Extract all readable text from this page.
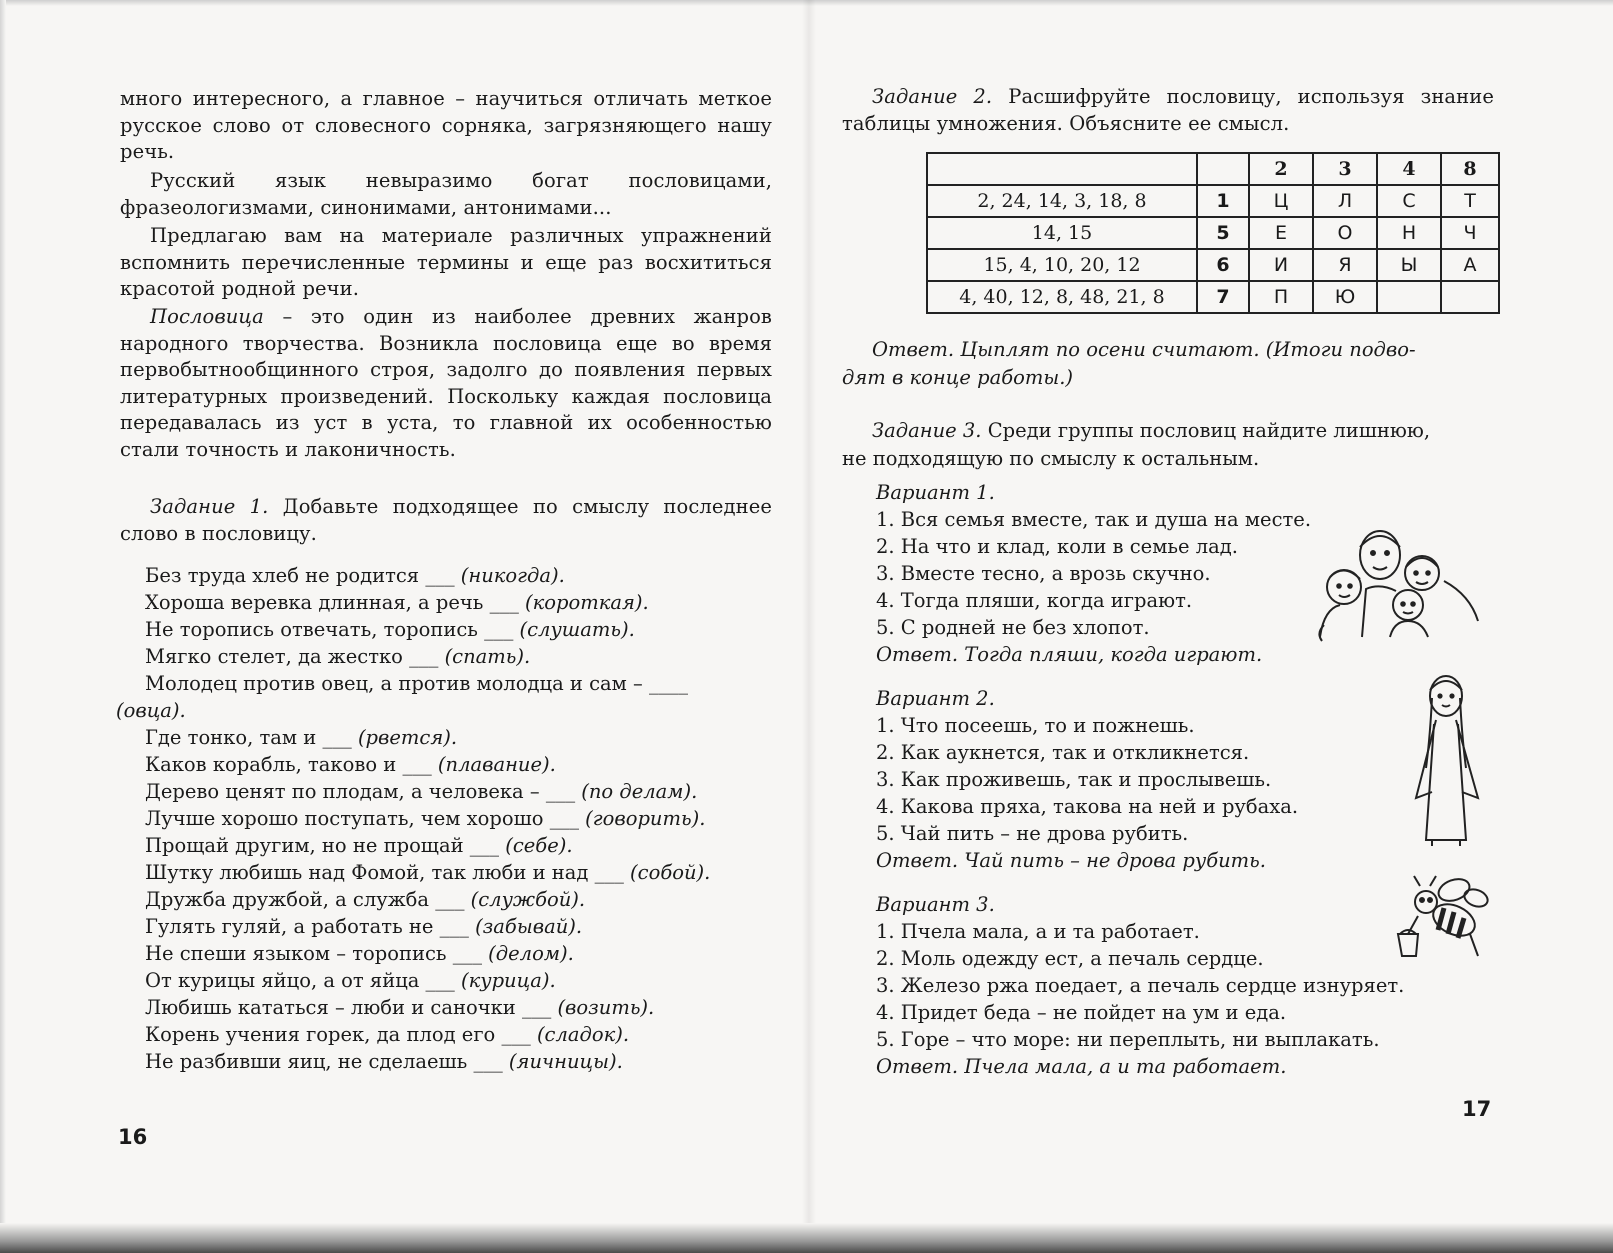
много интересного, а главное – научиться отличать меткое русское слово от словесного сорняка, загрязняющего нашу речь.

Русский язык невыразимо богат пословицами, фразеологизмами, синонимами, антонимами...

Предлагаю вам на материале различных упражнений вспомнить перечисленные термины и еще раз восхититься красотой родной речи.

Пословица – это один из наиболее древних жанров народного творчества. Возникла пословица еще во время первобытнообщинного строя, задолго до появления первых литературных произведений. Поскольку каждая пословица передавалась из уст в уста, то главной их особенностью стали точность и лаконичность.

Задание 1. Добавьте подходящее по смыслу последнее слово в пословицу.

Без труда хлеб не родится ___ (никогда).
Хороша веревка длинная, а речь ___ (короткая).
Не торопись отвечать, торопись ___ (слушать).
Мягко стелет, да жестко ___ (спать).
Молодец против овец, а против молодца и сам – ____
(овца).
Где тонко, там и ___ (рвется).
Каков корабль, таково и ___ (плавание).
Дерево ценят по плодам, а человека – ___ (по делам).
Лучше хорошо поступать, чем хорошо ___ (говорить).
Прощай другим, но не прощай ___ (себе).
Шутку любишь над Фомой, так люби и над ___ (собой).
Дружба дружбой, а служба ___ (службой).
Гулять гуляй, а работать не ___ (забывай).
Не спеши языком – торопись ___ (делом).
От курицы яйцо, а от яйца ___ (курица).
Любишь кататься – люби и саночки ___ (возить).
Корень учения горек, да плод его ___ (сладок).
Не разбивши яиц, не сделаешь ___ (яичницы).
16

Задание 2. Расшифруйте пословицу, используя знание таблицы умножения. Объясните ее смысл.

		2	3	4	8
2, 24, 14, 3, 18, 8	1	Ц	Л	С	Т
14, 15	5	Е	О	Н	Ч
15, 4, 10, 20, 12	6	И	Я	Ы	А
4, 40, 12, 8, 48, 21, 8	7	П	Ю		
Ответ. Цыплят по осени считают. (Итоги подво-
дят в конце работы.)
Задание 3. Среди группы пословиц найдите лишнюю,
не подходящую по смыслу к остальным.
Вариант 1.
1. Вся семья вместе, так и душа на месте.
2. На что и клад, коли в семье лад.
3. Вместе тесно, а врозь скучно.
4. Тогда пляши, когда играют.
5. С родней не без хлопот.
Ответ. Тогда пляши, когда играют.
Вариант 2.
1. Что посеешь, то и пожнешь.
2. Как аукнется, так и откликнется.
3. Как проживешь, так и прослывешь.
4. Какова пряха, такова на ней и рубаха.
5. Чай пить – не дрова рубить.
Ответ. Чай пить – не дрова рубить.
Вариант 3.
1. Пчела мала, а и та работает.
2. Моль одежду ест, а печаль сердце.
3. Железо ржа поедает, а печаль сердце изнуряет.
4. Придет беда – не пойдет на ум и еда.
5. Горе – что море: ни переплыть, ни выплакать.
Ответ. Пчела мала, а и та работает.
17
